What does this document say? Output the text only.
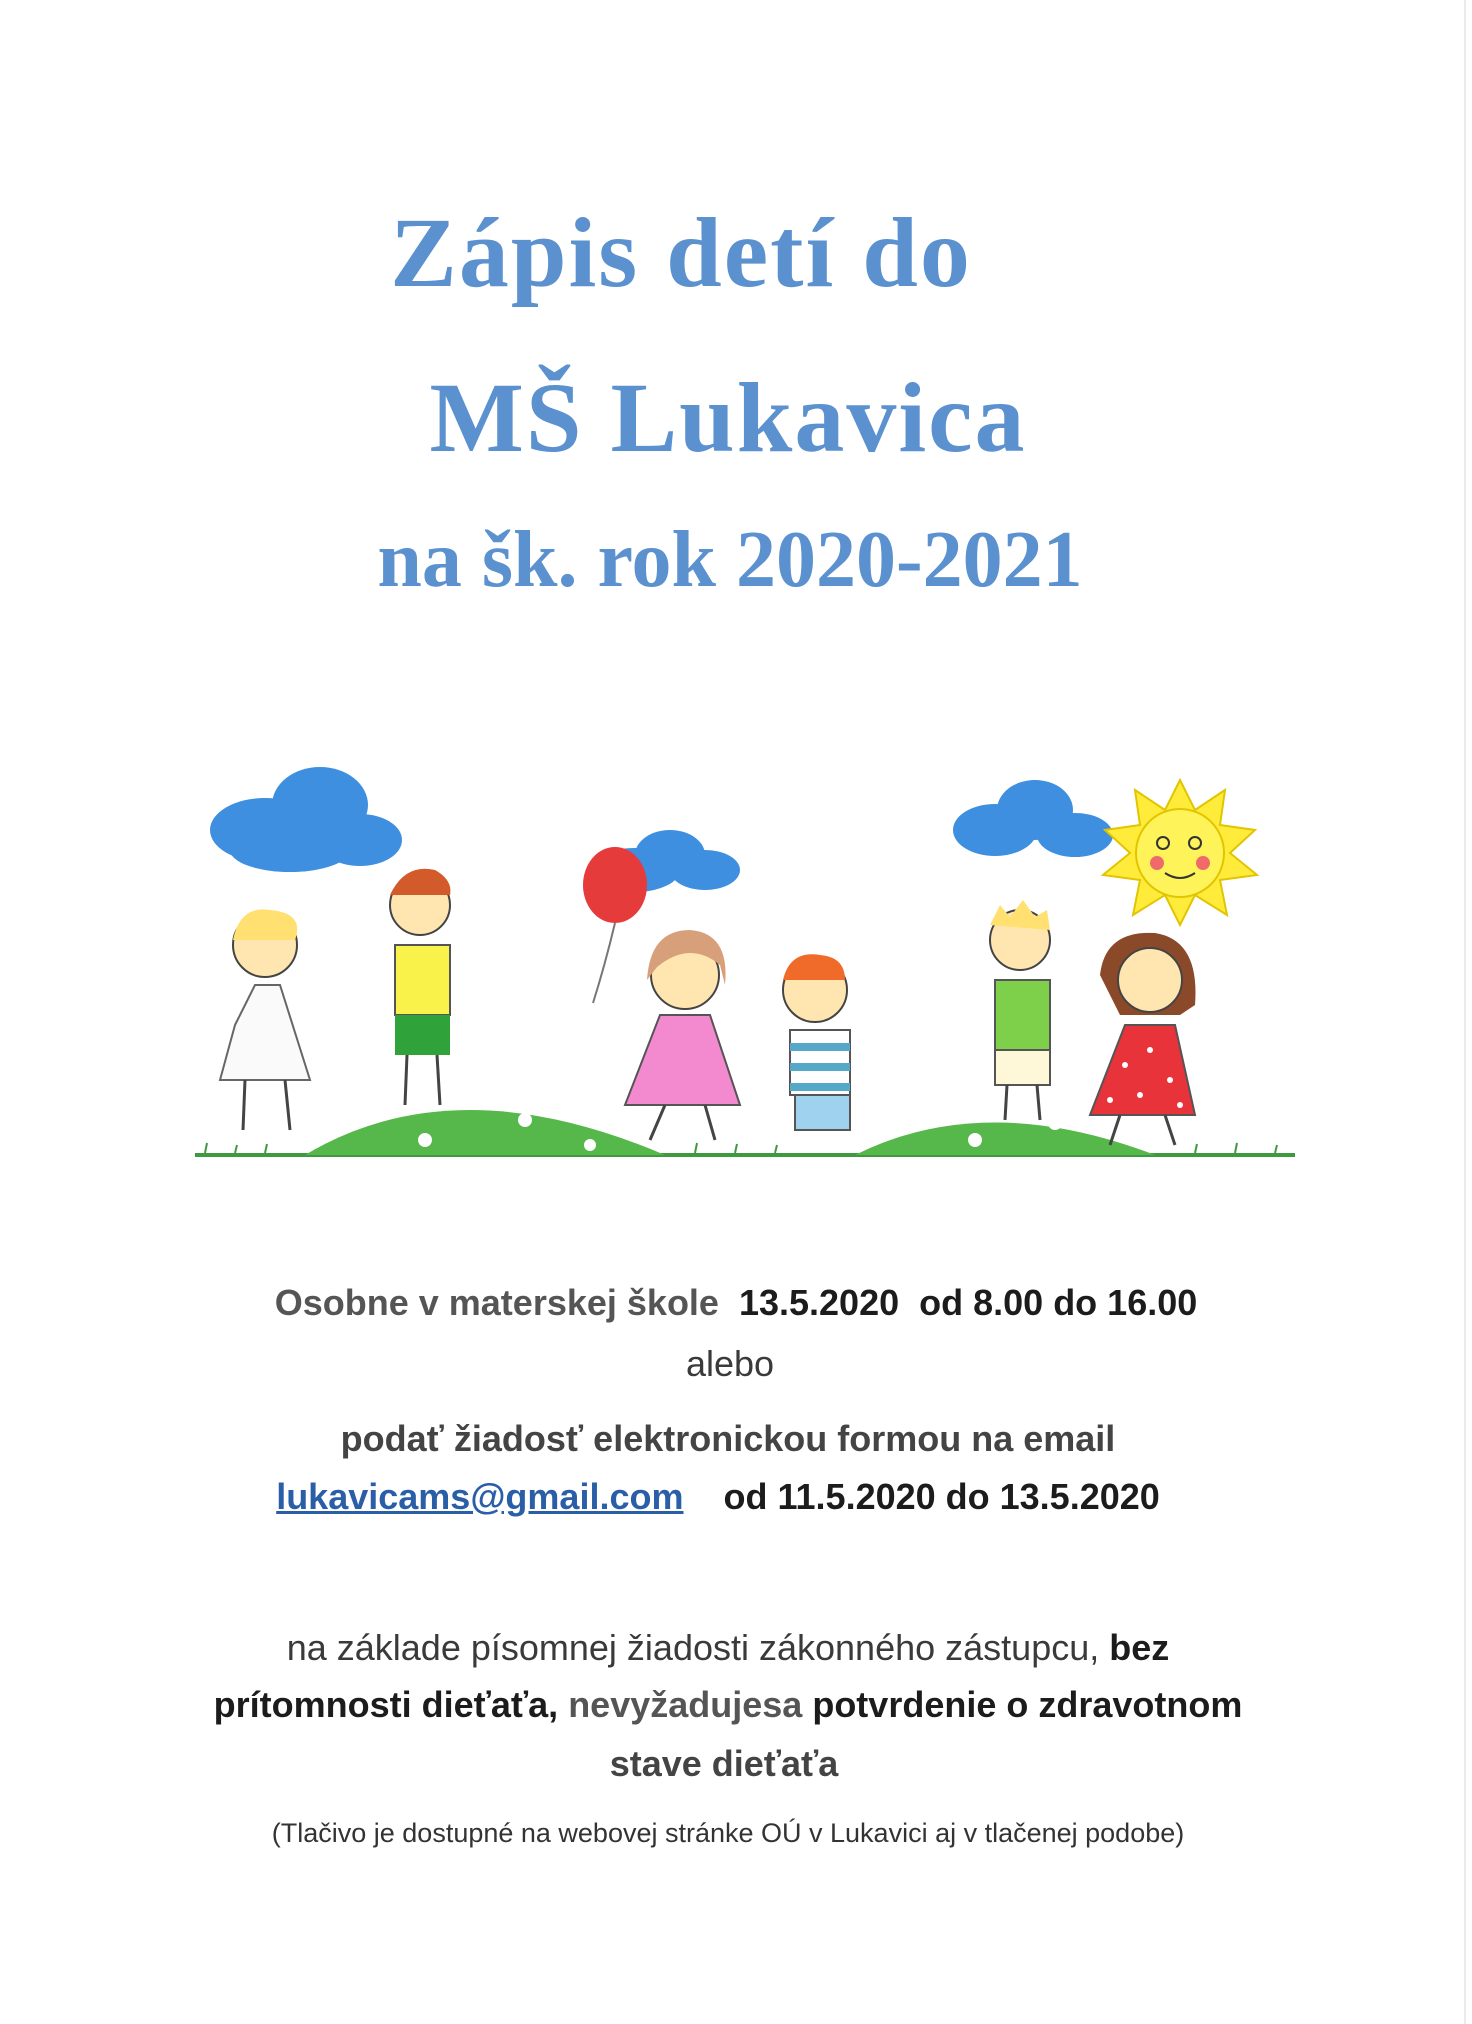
Zápis detí do
MŠ Lukavica
na šk. rok 2020-2021
Osobne v materskej škole 13.5.2020 od 8.00 do 16.00
alebo
podať žiadosť elektronickou formou na email
lukavicams@gmail.com od 11.5.2020 do 13.5.2020
na základe písomnej žiadosti zákonného zástupcu, bez
prítomnosti dieťaťa, nevyžadujesa potvrdenie o zdravotnom
stave dieťaťa
(Tlačivo je dostupné na webovej stránke OÚ v Lukavici aj v tlačenej podobe)
